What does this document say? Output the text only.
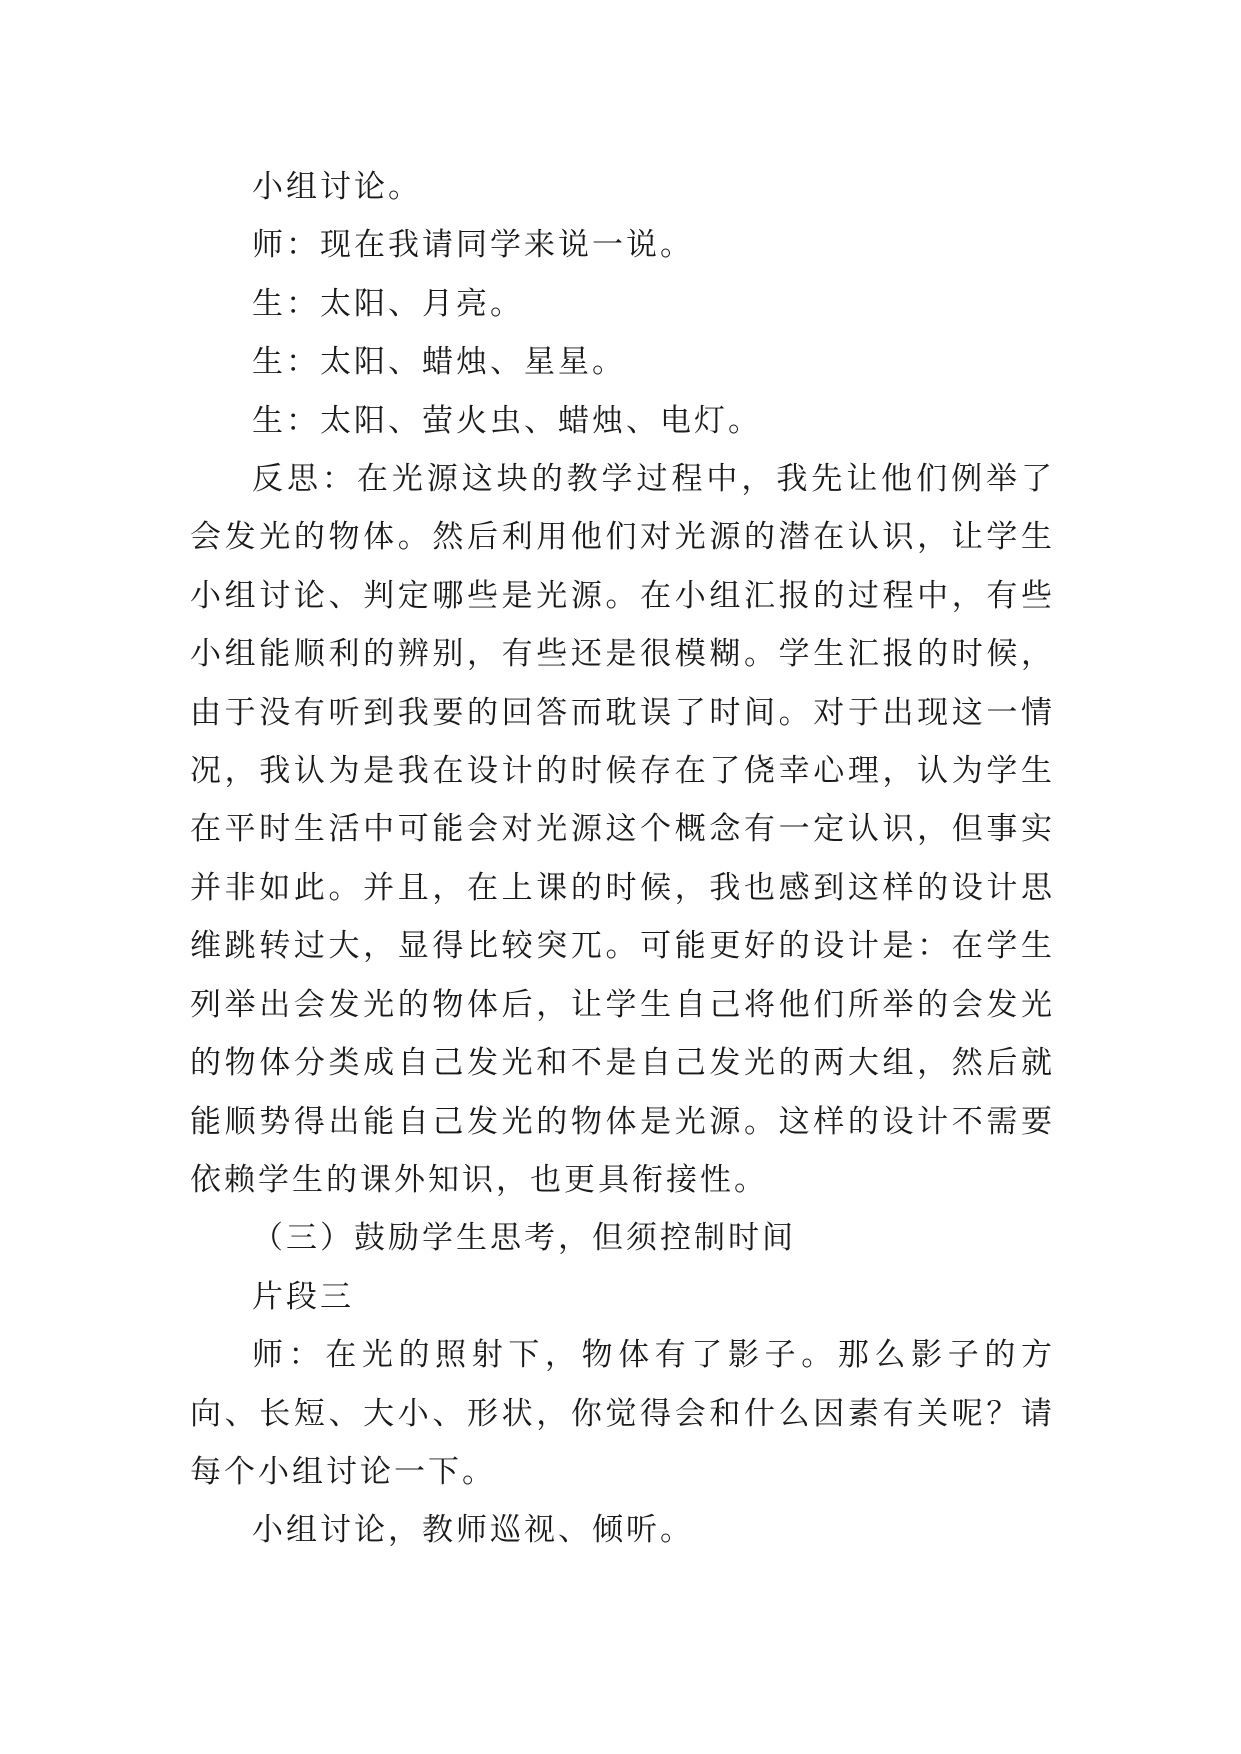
小组讨论。

师：现在我请同学来说一说。

生：太阳、月亮。

生：太阳、蜡烛、星星。

生：太阳、萤火虫、蜡烛、电灯。

反思：在光源这块的教学过程中，我先让他们例举了会发光的物体。然后利用他们对光源的潜在认识，让学生小组讨论、判定哪些是光源。在小组汇报的过程中，有些小组能顺利的辨别，有些还是很模糊。学生汇报的时候，由于没有听到我要的回答而耽误了时间。对于出现这一情况，我认为是我在设计的时候存在了侥幸心理，认为学生在平时生活中可能会对光源这个概念有一定认识，但事实并非如此。并且，在上课的时候，我也感到这样的设计思维跳转过大，显得比较突兀。可能更好的设计是：在学生列举出会发光的物体后，让学生自己将他们所举的会发光的物体分类成自己发光和不是自己发光的两大组，然后就能顺势得出能自己发光的物体是光源。这样的设计不需要依赖学生的课外知识，也更具衔接性。

（三）鼓励学生思考，但须控制时间

片段三

师：在光的照射下，物体有了影子。那么影子的方向、长短、大小、形状，你觉得会和什么因素有关呢？请每个小组讨论一下。

小组讨论，教师巡视、倾听。
